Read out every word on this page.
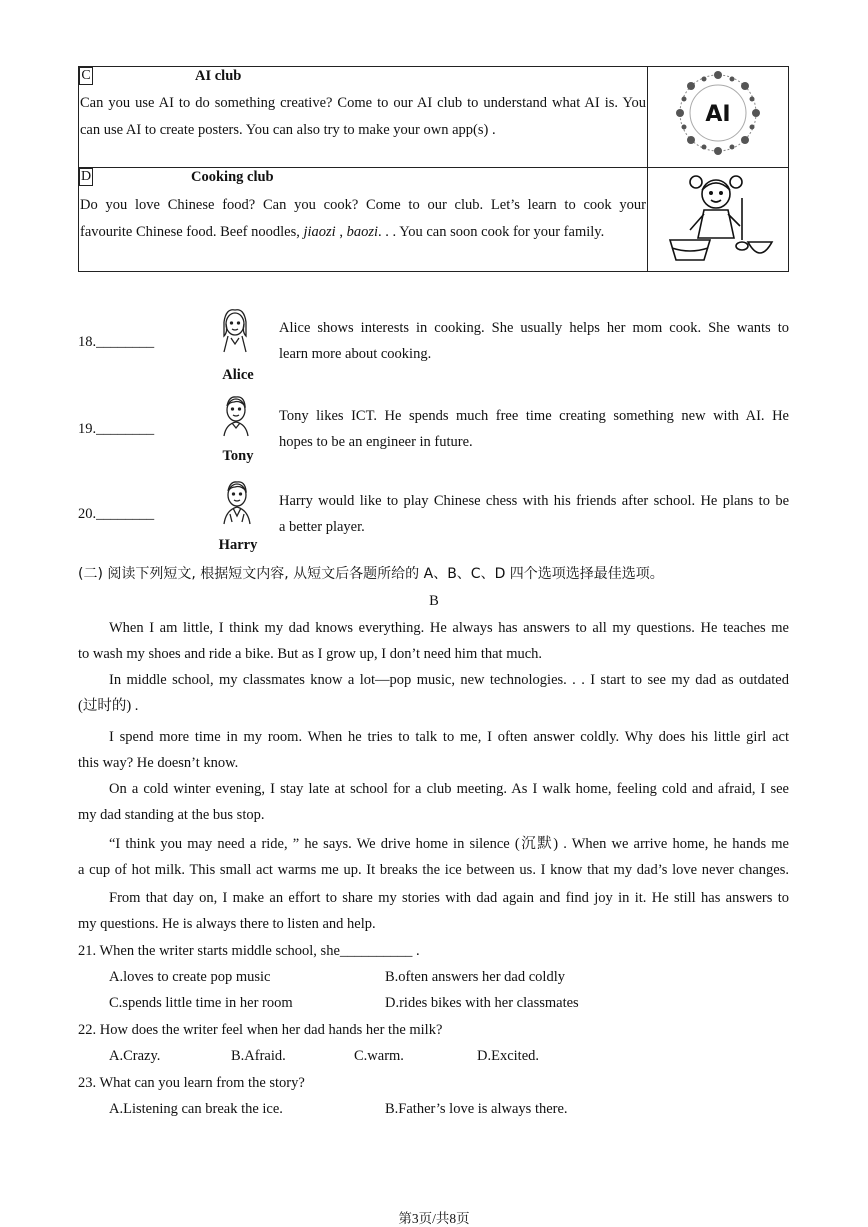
C	AI club
Can you use AI to do something creative? Come to our AI club to understand what AI is. You
can use AI to create posters. You can also try to make your own app(s) .
D	Cooking club
Do you love Chinese food? Can you cook? Come to our club. Let’s learn to cook your
favourite Chinese food. Beef noodles, jiaozi , baozi. . . You can soon cook for your family.
AI
18.________
Alice
Alice shows interests in cooking. She usually helps her mom cook. She wants to
learn more about cooking.
19.________
Tony
Tony likes ICT. He spends much free time creating something new with AI. He
hopes to be an engineer in future.
20.________
Harry
Harry would like to play Chinese chess with his friends after school. He plans to be
a better player.
(二) 阅读下列短文, 根据短文内容, 从短文后各题所给的 A、B、C、D 四个选项选择最佳选项。
B
When I am little, I think my dad knows everything. He always has answers to all my questions. He teaches me
to wash my shoes and ride a bike. But as I grow up, I don’t need him that much.
In middle school, my classmates know a lot—pop music, new technologies. . . I start to see my dad as outdated
(过时的) .
I spend more time in my room. When he tries to talk to me, I often answer coldly. Why does his little girl act
this way? He doesn’t know.
On a cold winter evening, I stay late at school for a club meeting. As I walk home, feeling cold and afraid, I see
my dad standing at the bus stop.
“I think you may need a ride, ” he says. We drive home in silence (沉默) . When we arrive home, he hands me
a cup of hot milk. This small act warms me up. It breaks the ice between us. I know that my dad’s love never changes.
From that day on, I make an effort to share my stories with dad again and find joy in it. He still has answers to
my questions. He is always there to listen and help.
21. When the writer starts middle school, she__________ .
A.loves to create pop music	B.often answers her dad coldly
C.spends little time in her room	D.rides bikes with her classmates
22. How does the writer feel when her dad hands her the milk?
A.Crazy.	B.Afraid.	C.warm.	D.Excited.
23. What can you learn from the story?
A.Listening can break the ice.	B.Father’s love is always there.
第3页/共8页
